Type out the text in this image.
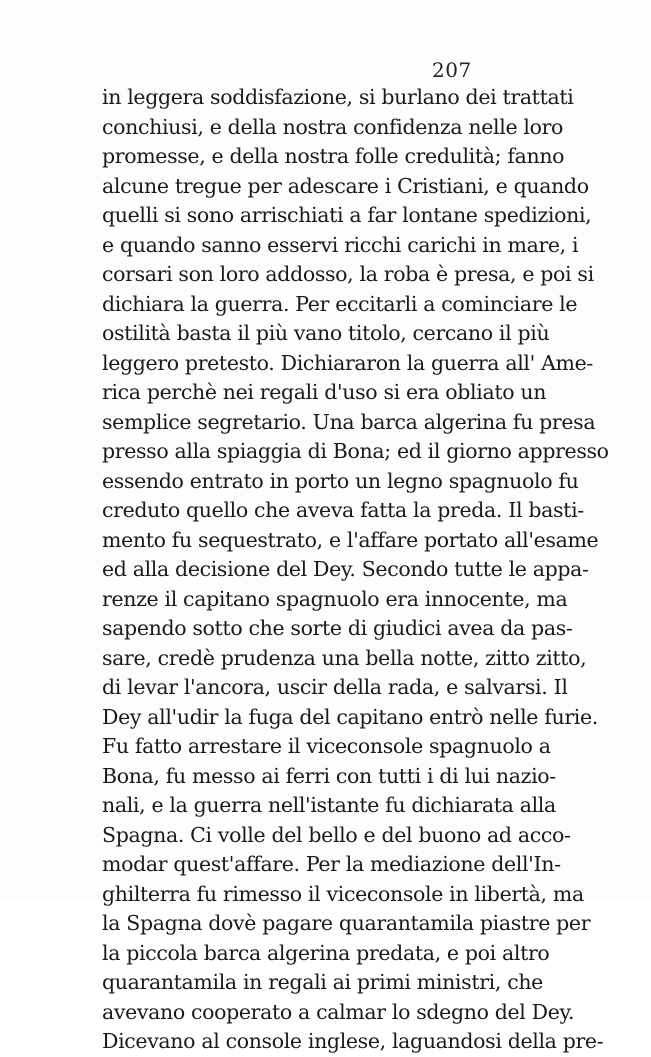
207
in leggera soddisfazione, si burlano dei trattati
conchiusi, e della nostra confidenza nelle loro
promesse, e della nostra folle credulità; fanno
alcune tregue per adescare i Cristiani, e quando
quelli si sono arrischiati a far lontane spedizioni,
e quando sanno esservi ricchi carichi in mare, i
corsari son loro addosso, la roba è presa, e poi si
dichiara la guerra. Per eccitarli a cominciare le
ostilità basta il più vano titolo, cercano il più
leggero pretesto. Dichiararon la guerra all' Ame-
rica perchè nei regali d'uso si era obliato un
semplice segretario. Una barca algerina fu presa
presso alla spiaggia di Bona; ed il giorno appresso
essendo entrato in porto un legno spagnuolo fu
creduto quello che aveva fatta la preda. Il basti-
mento fu sequestrato, e l'affare portato all'esame
ed alla decisione del Dey. Secondo tutte le appa-
renze il capitano spagnuolo era innocente, ma
sapendo sotto che sorte di giudici avea da pas-
sare, credè prudenza una bella notte, zitto zitto,
di levar l'ancora, uscir della rada, e salvarsi. Il
Dey all'udir la fuga del capitano entrò nelle furie.
Fu fatto arrestare il viceconsole spagnuolo a
Bona, fu messo ai ferri con tutti i di lui nazio-
nali, e la guerra nell'istante fu dichiarata alla
Spagna. Ci volle del bello e del buono ad acco-
modar quest'affare. Per la mediazione dell'In-
ghilterra fu rimesso il viceconsole in libertà, ma
la Spagna dovè pagare quarantamila piastre per
la piccola barca algerina predata, e poi altro
quarantamila in regali ai primi ministri, che
avevano cooperato a calmar lo sdegno del Dey.
Dicevano al console inglese, laguandosi della pre-
